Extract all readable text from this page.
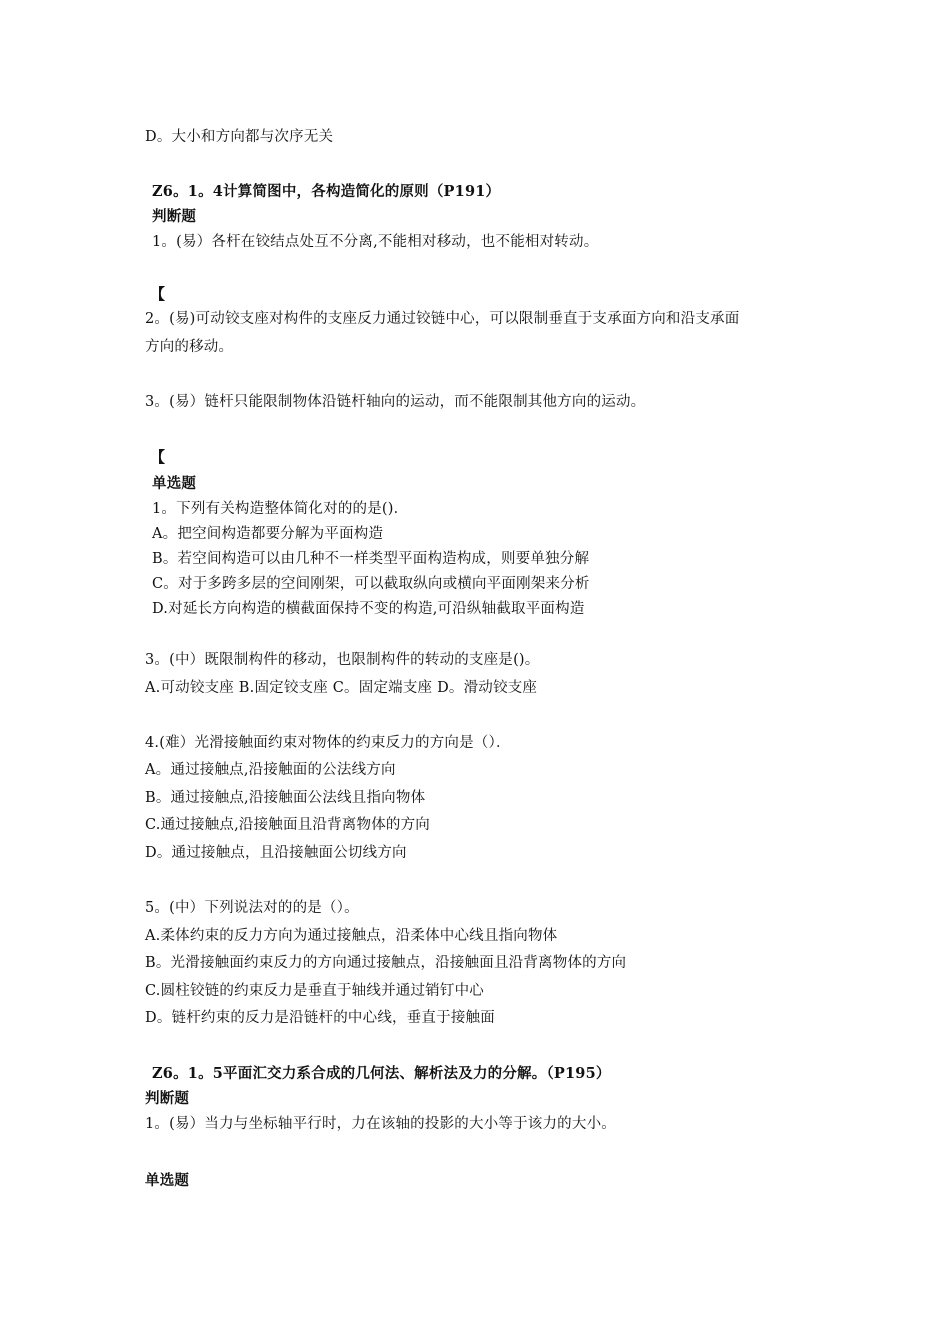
D。大小和方向都与次序无关
Z6。1。4计算简图中，各构造简化的原则（P191）
判断题
1。(易）各杆在铰结点处互不分离,不能相对移动，也不能相对转动。
【
2。(易)可动铰支座对构件的支座反力通过铰链中心，可以限制垂直于支承面方向和沿支承面
方向的移动。
3。(易）链杆只能限制物体沿链杆轴向的运动，而不能限制其他方向的运动。
【
单选题
1。下列有关构造整体简化对的的是()．
A。把空间构造都要分解为平面构造
B。若空间构造可以由几种不一样类型平面构造构成，则要单独分解
C。对于多跨多层的空间刚架，可以截取纵向或横向平面刚架来分析
D.对延长方向构造的横截面保持不变的构造,可沿纵轴截取平面构造
3。(中）既限制构件的移动，也限制构件的转动的支座是()。
A.可动铰支座 B.固定铰支座 C。固定端支座 D。滑动铰支座
4.(难）光滑接触面约束对物体的约束反力的方向是（）．
A。通过接触点,沿接触面的公法线方向
B。通过接触点,沿接触面公法线且指向物体
C.通过接触点,沿接触面且沿背离物体的方向
D。通过接触点，且沿接触面公切线方向
5。(中）下列说法对的的是（）。
A.柔体约束的反力方向为通过接触点，沿柔体中心线且指向物体
B。光滑接触面约束反力的方向通过接触点，沿接触面且沿背离物体的方向
C.圆柱铰链的约束反力是垂直于轴线并通过销钉中心
D。链杆约束的反力是沿链杆的中心线，垂直于接触面
Z6。1。5平面汇交力系合成的几何法、解析法及力的分解。（P195）
判断题
1。(易）当力与坐标轴平行时，力在该轴的投影的大小等于该力的大小。
单选题
